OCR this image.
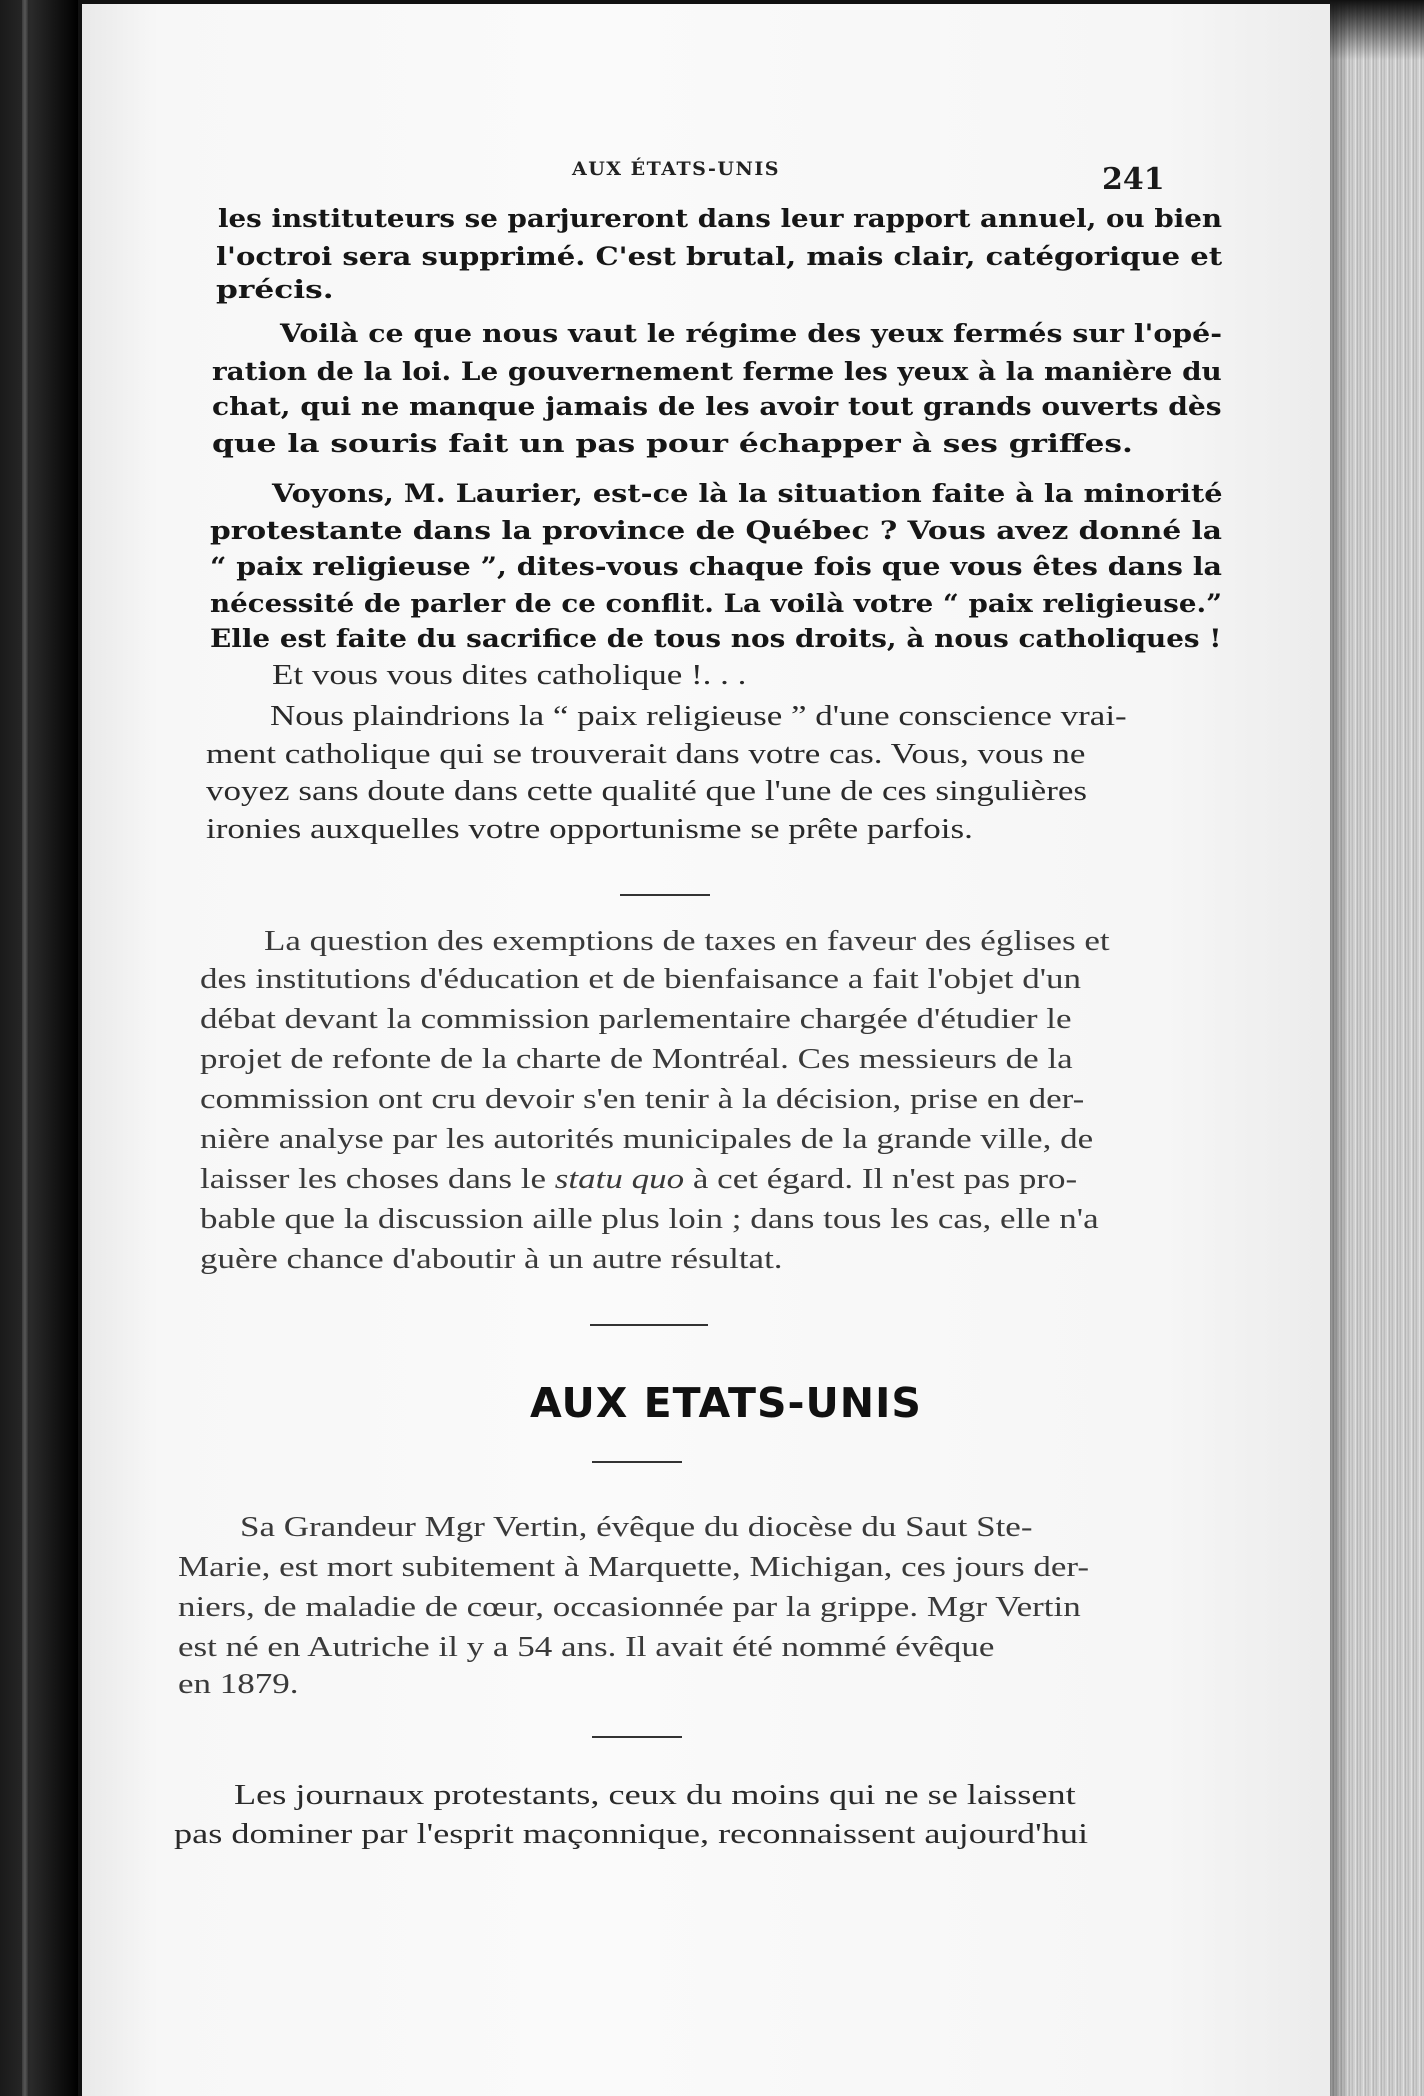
AUX ÉTATS-UNIS	241
les instituteurs se parjureront dans leur rapport annuel, ou bien
l'octroi sera supprimé. C'est brutal, mais clair, catégorique et
précis.
Voilà ce que nous vaut le régime des yeux fermés sur l'opé-
ration de la loi. Le gouvernement ferme les yeux à la manière du
chat, qui ne manque jamais de les avoir tout grands ouverts dès
que la souris fait un pas pour échapper à ses griffes.
Voyons, M. Laurier, est-ce là la situation faite à la minorité
protestante dans la province de Québec ? Vous avez donné la
“ paix religieuse ”, dites-vous chaque fois que vous êtes dans la
nécessité de parler de ce conflit. La voilà votre “ paix religieuse.”
Elle est faite du sacrifice de tous nos droits, à nous catholiques !
Et vous vous dites catholique !. . .
Nous plaindrions la “ paix religieuse ” d'une conscience vrai-
ment catholique qui se trouverait dans votre cas. Vous, vous ne
voyez sans doute dans cette qualité que l'une de ces singulières
ironies auxquelles votre opportunisme se prête parfois.
La question des exemptions de taxes en faveur des églises et
des institutions d'éducation et de bienfaisance a fait l'objet d'un
débat devant la commission parlementaire chargée d'étudier le
projet de refonte de la charte de Montréal. Ces messieurs de la
commission ont cru devoir s'en tenir à la décision, prise en der-
nière analyse par les autorités municipales de la grande ville, de
laisser les choses dans le statu quo à cet égard. Il n'est pas pro-
bable que la discussion aille plus loin ; dans tous les cas, elle n'a
guère chance d'aboutir à un autre résultat.
AUX ETATS-UNIS
Sa Grandeur Mgr Vertin, évêque du diocèse du Saut Ste-
Marie, est mort subitement à Marquette, Michigan, ces jours der-
niers, de maladie de cœur, occasionnée par la grippe. Mgr Vertin
est né en Autriche il y a 54 ans. Il avait été nommé évêque
en 1879.
Les journaux protestants, ceux du moins qui ne se laissent
pas dominer par l'esprit maçonnique, reconnaissent aujourd'hui
